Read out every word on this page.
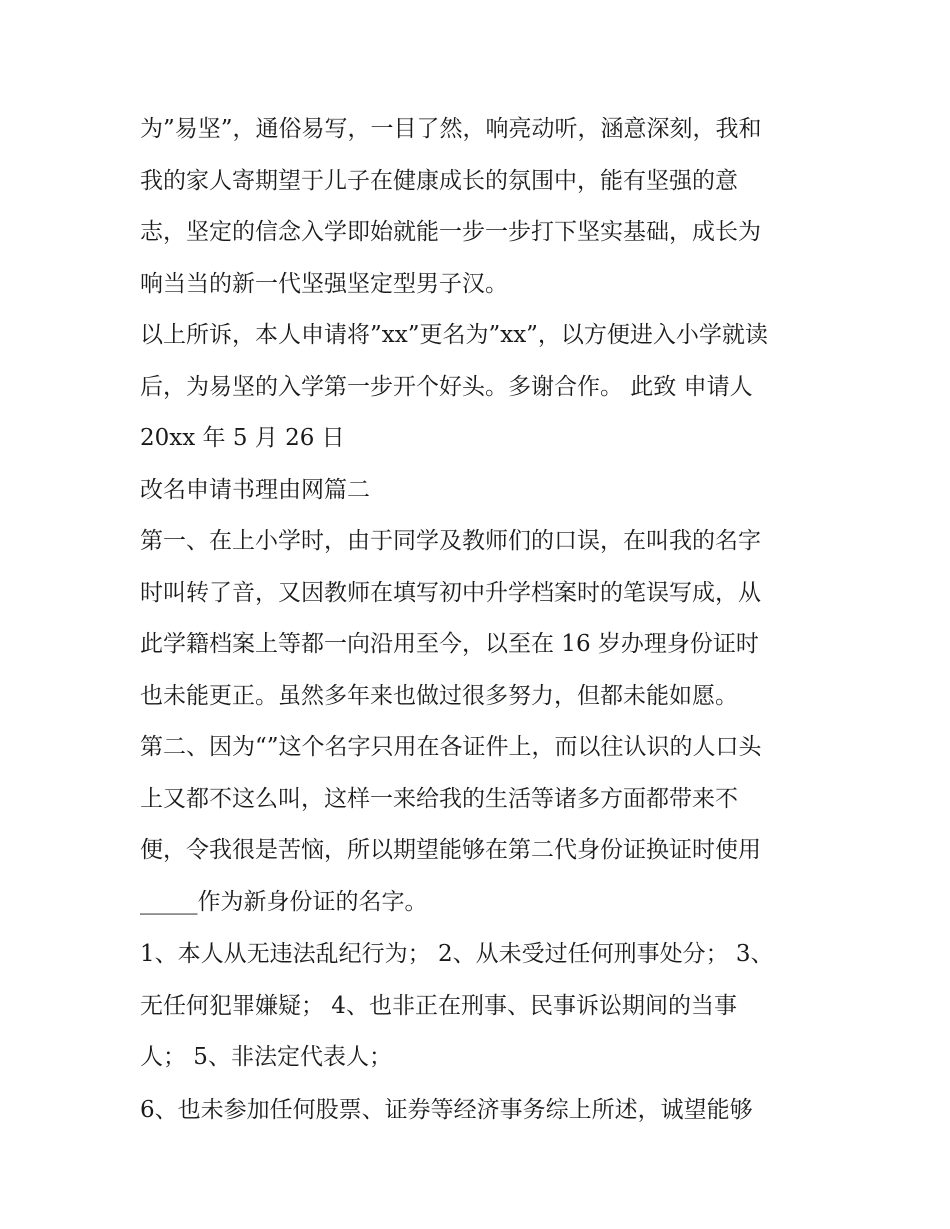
为”易坚”，通俗易写，一目了然，响亮动听，涵意深刻，我和
我的家人寄期望于儿子在健康成长的氛围中，能有坚强的意
志，坚定的信念入学即始就能一步一步打下坚实基础，成长为
响当当的新一代坚强坚定型男子汉。
以上所诉，本人申请将”xx”更名为”xx”，以方便进入小学就读
后，为易坚的入学第一步开个好头。多谢合作。 此致 申请人
20xx 年 5 月 26 日
改名申请书理由网篇二
第一、在上小学时，由于同学及教师们的口误，在叫我的名字
时叫转了音，又因教师在填写初中升学档案时的笔误写成，从
此学籍档案上等都一向沿用至今，以至在 16 岁办理身份证时
也未能更正。虽然多年来也做过很多努力，但都未能如愿。
第二、因为“”这个名字只用在各证件上，而以往认识的人口头
上又都不这么叫，这样一来给我的生活等诸多方面都带来不
便，令我很是苦恼，所以期望能够在第二代身份证换证时使用
_____作为新身份证的名字。
1、本人从无违法乱纪行为； 2、从未受过任何刑事处分； 3、
无任何犯罪嫌疑； 4、也非正在刑事、民事诉讼期间的当事
人； 5、非法定代表人；
6、也未参加任何股票、证券等经济事务综上所述，诚望能够
